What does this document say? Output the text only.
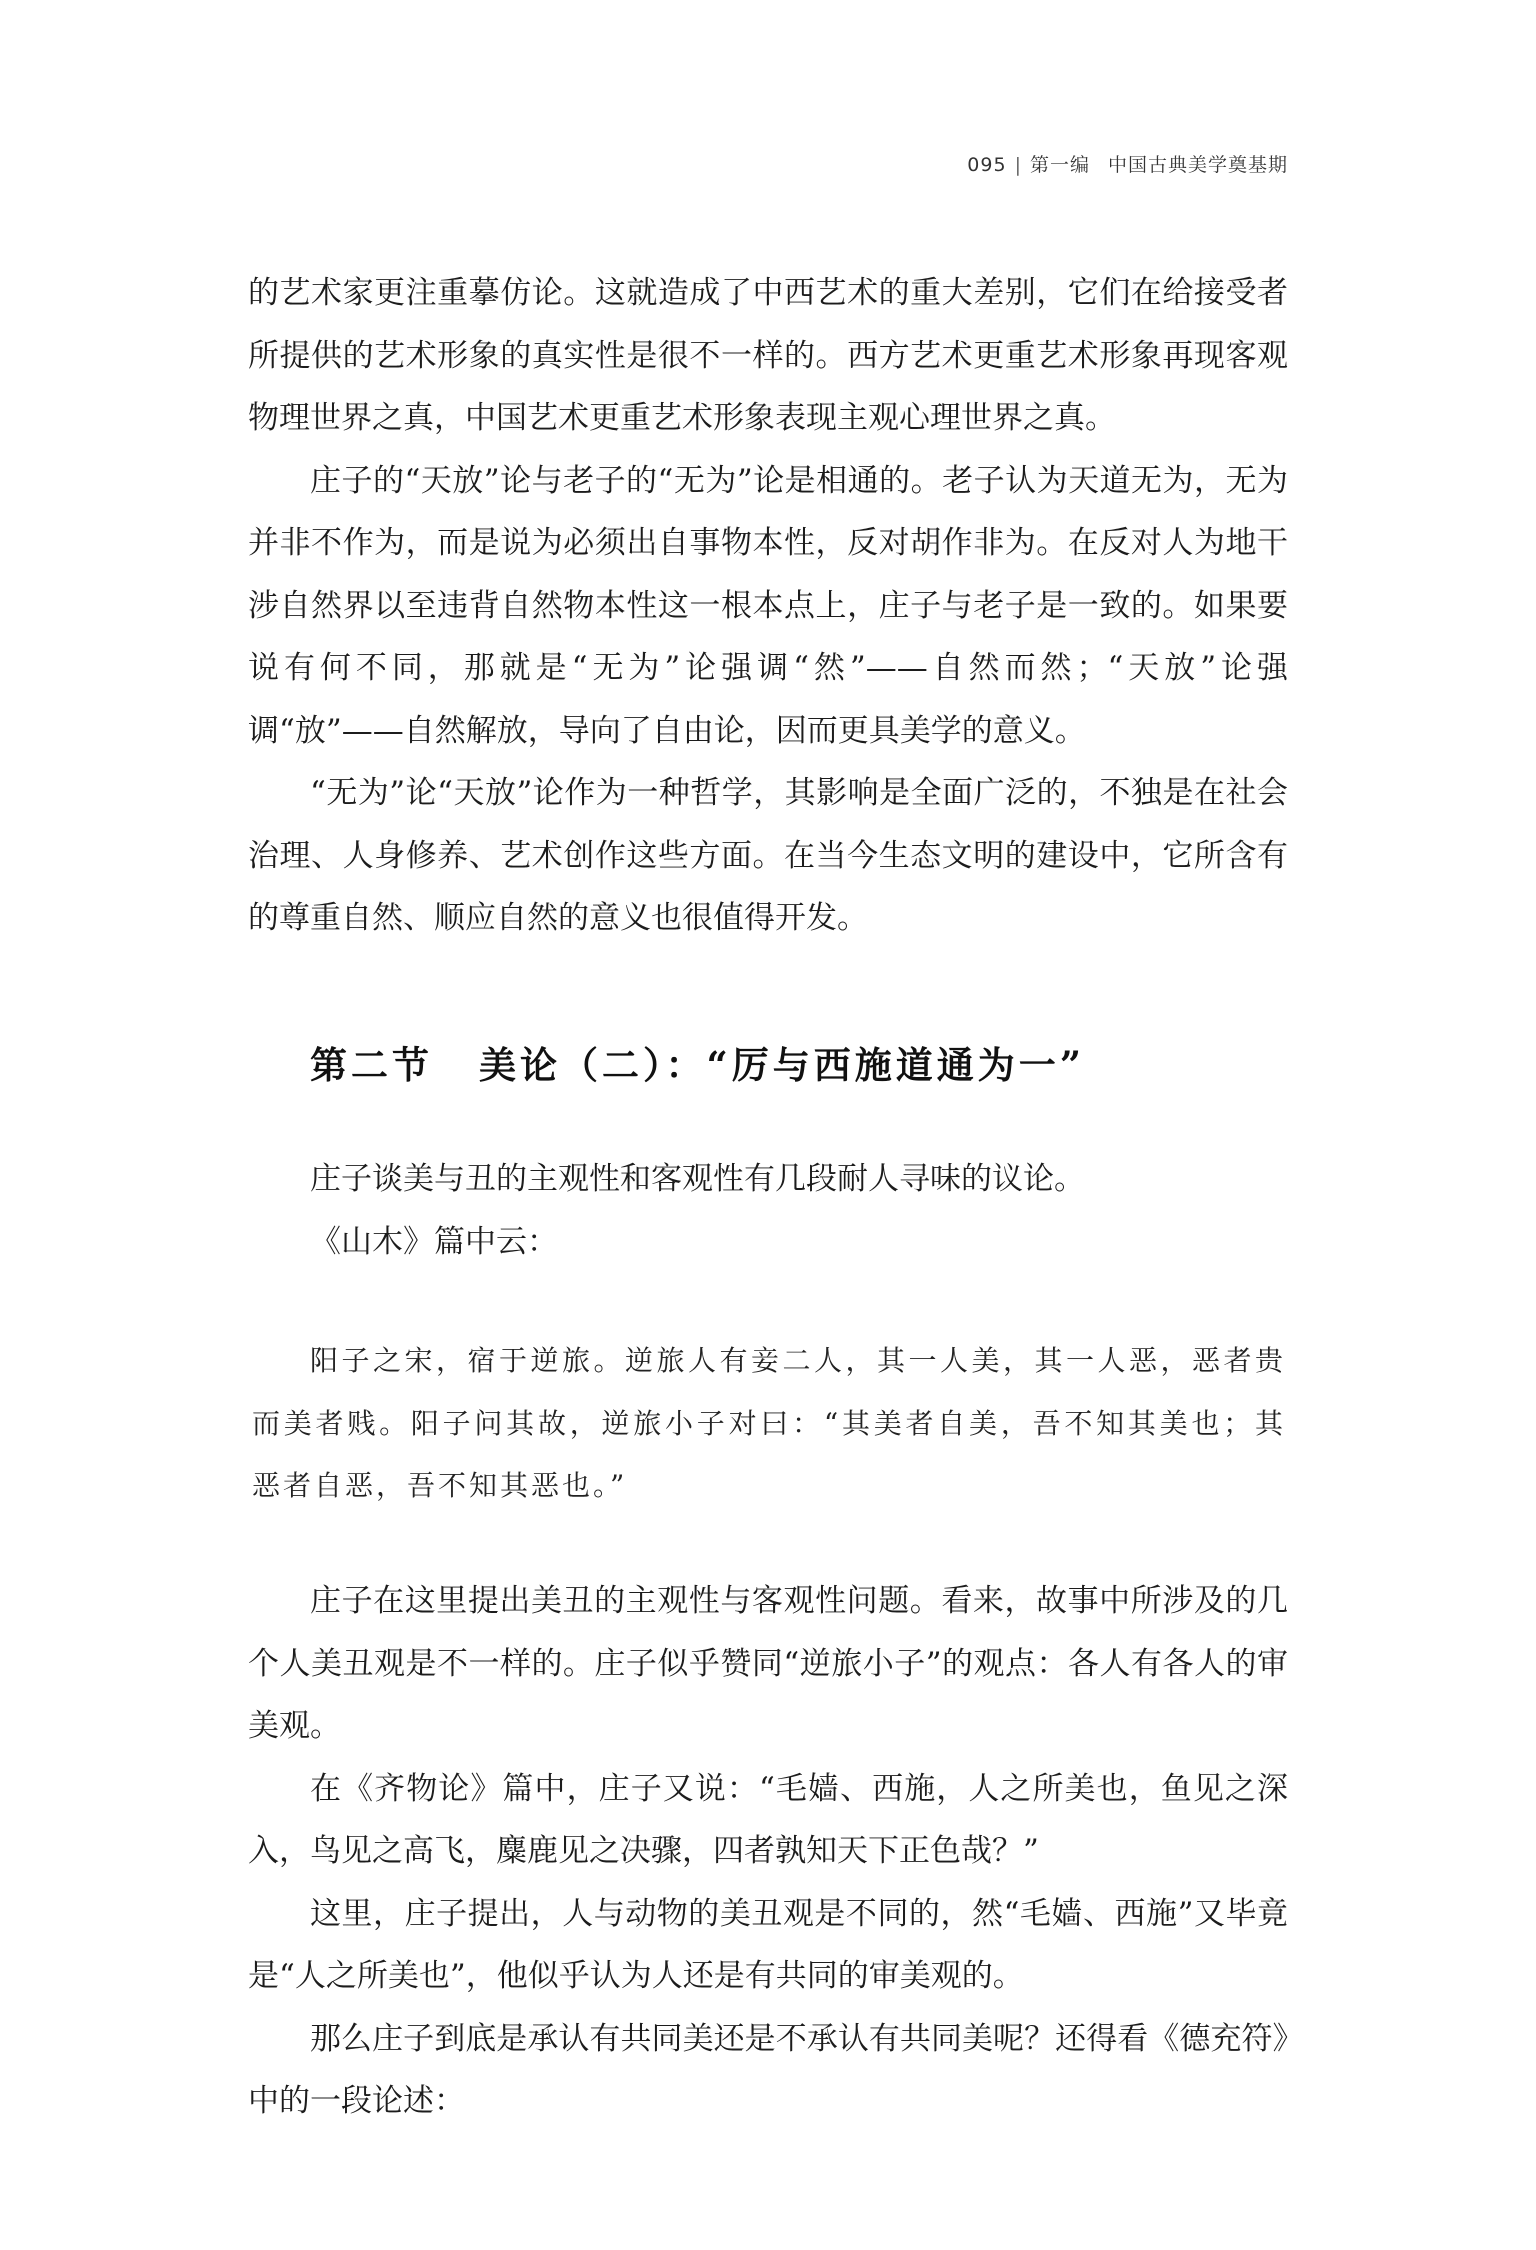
095 | 第一编 中国古典美学奠基期

的艺术家更注重摹仿论。这就造成了中西艺术的重大差别，它们在给接受者所提供的艺术形象的真实性是很不一样的。西方艺术更重艺术形象再现客观物理世界之真，中国艺术更重艺术形象表现主观心理世界之真。

庄子的“天放”论与老子的“无为”论是相通的。老子认为天道无为，无为并非不作为，而是说为必须出自事物本性，反对胡作非为。在反对人为地干涉自然界以至违背自然物本性这一根本点上，庄子与老子是一致的。如果要说有何不同，那就是“无为”论强调“然”——自然而然；“天放”论强调“放”——自然解放，导向了自由论，因而更具美学的意义。

“无为”论“天放”论作为一种哲学，其影响是全面广泛的，不独是在社会治理、人身修养、艺术创作这些方面。在当今生态文明的建设中，它所含有的尊重自然、顺应自然的意义也很值得开发。

第二节 美论（二）：“厉与西施道通为一”

庄子谈美与丑的主观性和客观性有几段耐人寻味的议论。

《山木》篇中云：

阳子之宋，宿于逆旅。逆旅人有妾二人，其一人美，其一人恶，恶者贵而美者贱。阳子问其故，逆旅小子对曰：“其美者自美，吾不知其美也；其恶者自恶，吾不知其恶也。”

庄子在这里提出美丑的主观性与客观性问题。看来，故事中所涉及的几个人美丑观是不一样的。庄子似乎赞同“逆旅小子”的观点：各人有各人的审美观。

在《齐物论》篇中，庄子又说：“毛嫱、西施，人之所美也，鱼见之深入，鸟见之高飞，麋鹿见之决骤，四者孰知天下正色哉？”

这里，庄子提出，人与动物的美丑观是不同的，然“毛嫱、西施”又毕竟是“人之所美也”，他似乎认为人还是有共同的审美观的。

那么庄子到底是承认有共同美还是不承认有共同美呢？还得看《德充符》中的一段论述：
